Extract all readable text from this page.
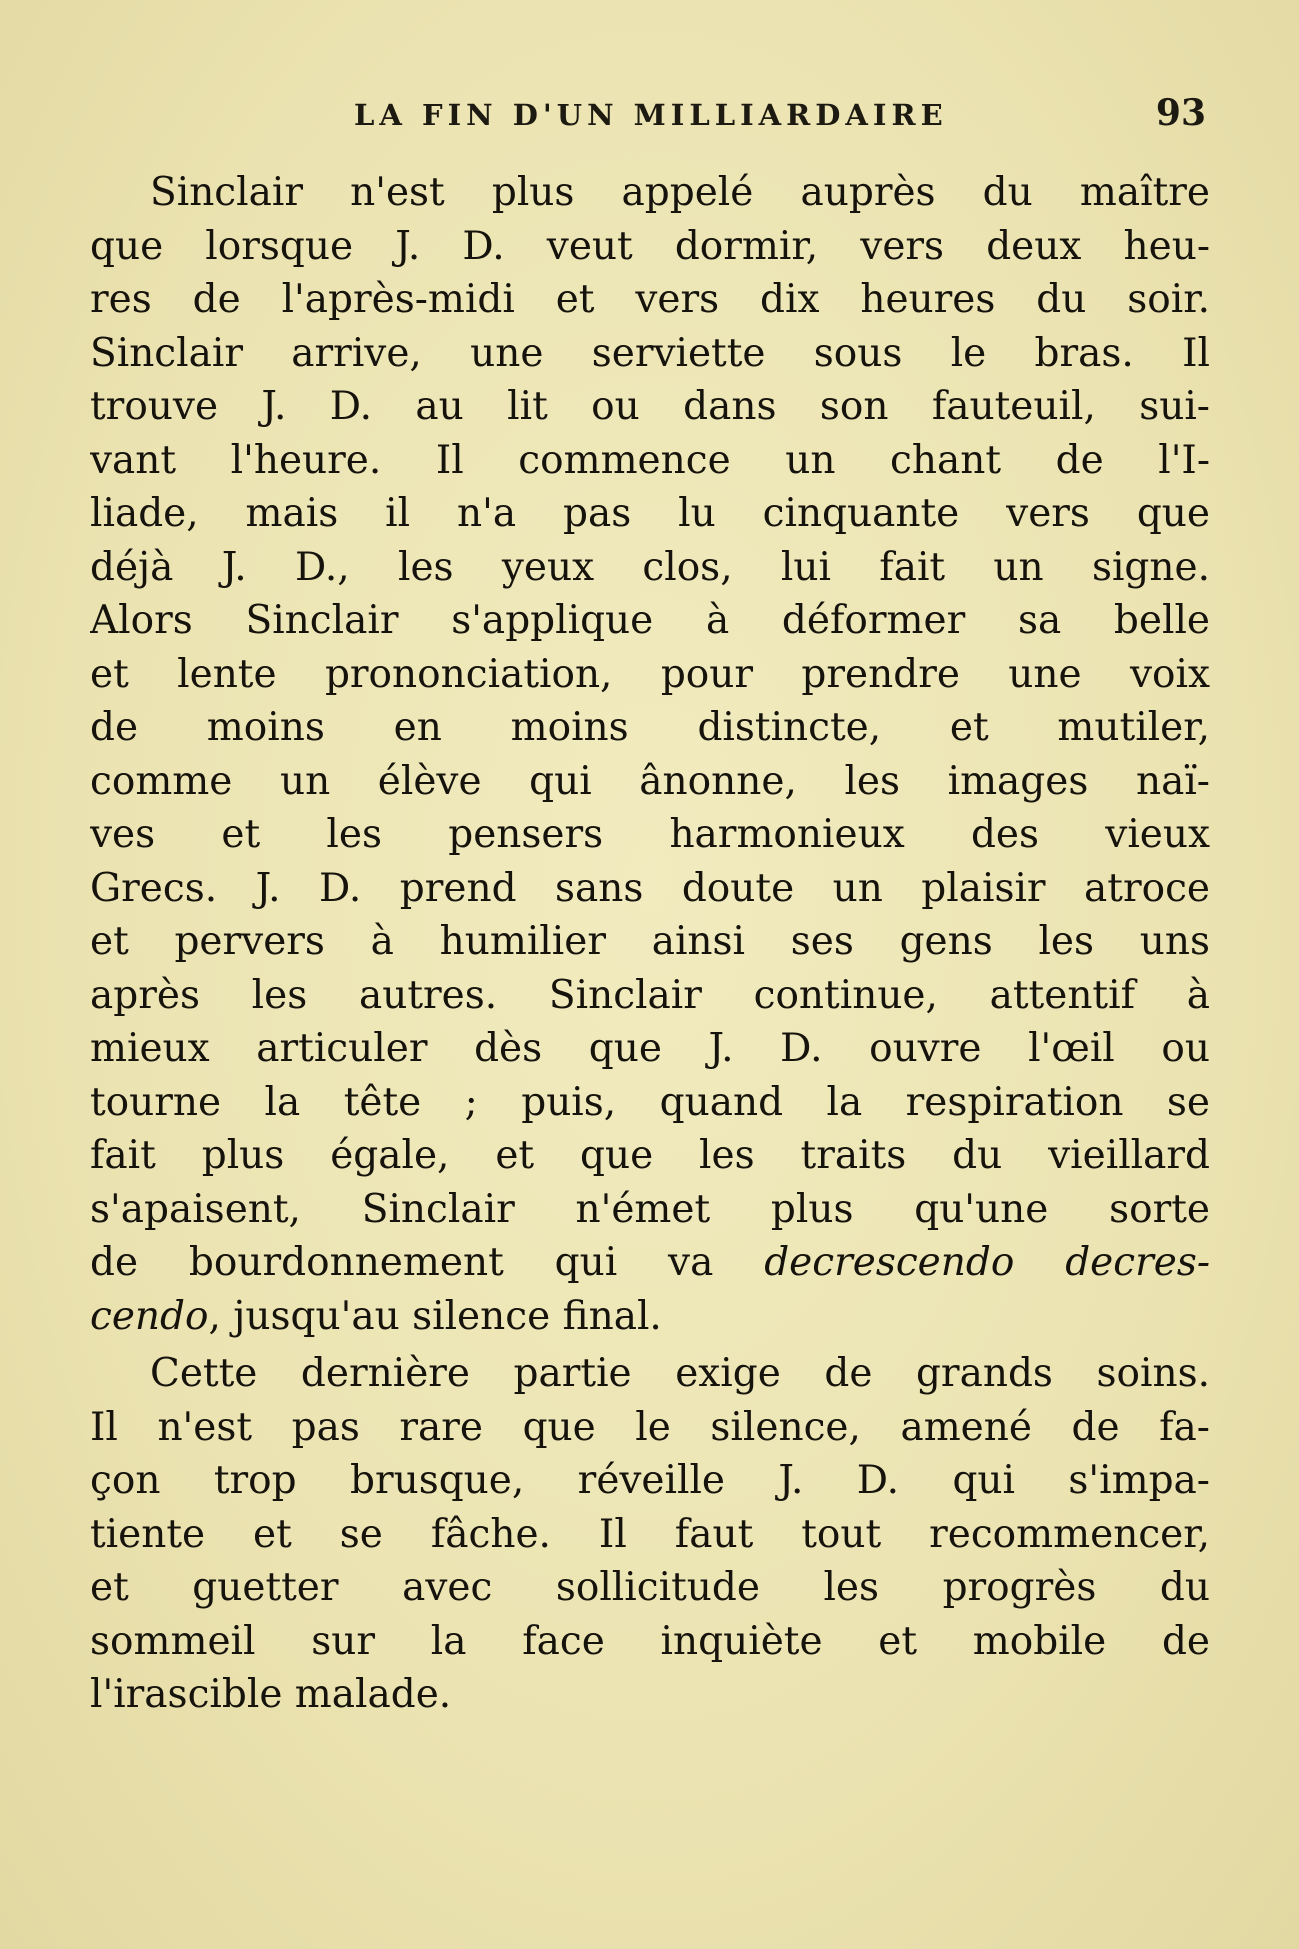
LA FIN D'UN MILLIARDAIRE	93
Sinclair n'est plus appelé auprès du maître
que lorsque J. D. veut dormir, vers deux heu-
res de l'après-midi et vers dix heures du soir.
Sinclair arrive, une serviette sous le bras. Il
trouve J. D. au lit ou dans son fauteuil, sui-
vant l'heure. Il commence un chant de l'I-
liade, mais il n'a pas lu cinquante vers que
déjà J. D., les yeux clos, lui fait un signe.
Alors Sinclair s'applique à déformer sa belle
et lente prononciation, pour prendre une voix
de moins en moins distincte, et mutiler,
comme un élève qui ânonne, les images naï-
ves et les pensers harmonieux des vieux
Grecs. J. D. prend sans doute un plaisir atroce
et pervers à humilier ainsi ses gens les uns
après les autres. Sinclair continue, attentif à
mieux articuler dès que J. D. ouvre l'œil ou
tourne la tête ; puis, quand la respiration se
fait plus égale, et que les traits du vieillard
s'apaisent, Sinclair n'émet plus qu'une sorte
de bourdonnement qui va decrescendo decres-
cendo, jusqu'au silence final.
Cette dernière partie exige de grands soins.
Il n'est pas rare que le silence, amené de fa-
çon trop brusque, réveille J. D. qui s'impa-
tiente et se fâche. Il faut tout recommencer,
et guetter avec sollicitude les progrès du
sommeil sur la face inquiète et mobile de
l'irascible malade.
